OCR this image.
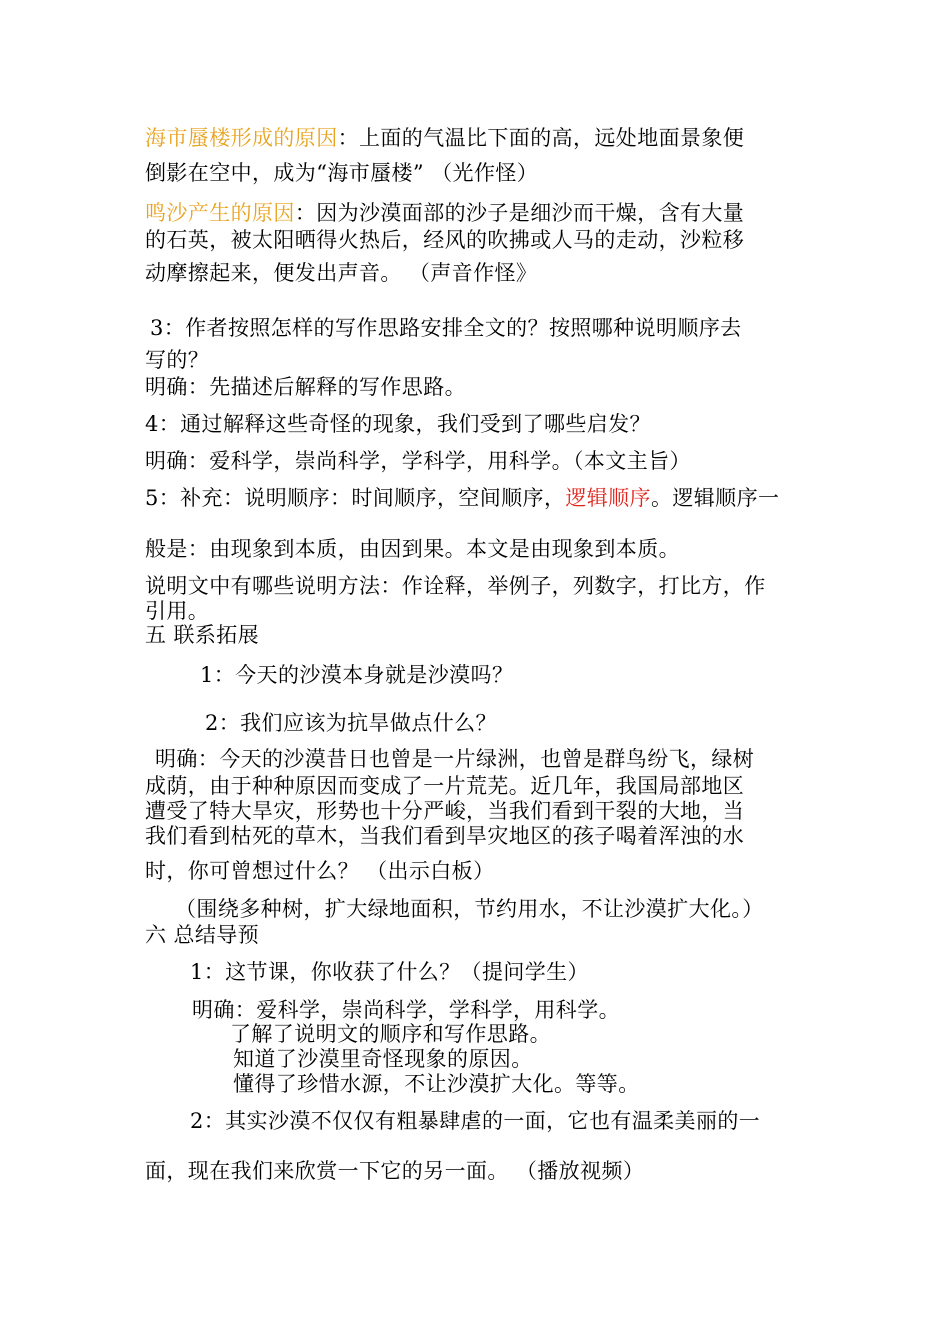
海市蜃楼形成的原因：上面的气温比下面的高，远处地面景象便
倒影在空中，成为“海市蜃楼” （光作怪）
鸣沙产生的原因：因为沙漠面部的沙子是细沙而干燥，含有大量
的石英，被太阳晒得火热后，经风的吹拂或人马的走动，沙粒移
动摩擦起来，便发出声音。 （声音作怪》
3：作者按照怎样的写作思路安排全文的？按照哪种说明顺序去
写的？
明确：先描述后解释的写作思路。
4：通过解释这些奇怪的现象，我们受到了哪些启发？
明确：爱科学，崇尚科学，学科学，用科学。（本文主旨）
5：补充：说明顺序：时间顺序，空间顺序，逻辑顺序。逻辑顺序一
般是：由现象到本质，由因到果。本文是由现象到本质。
说明文中有哪些说明方法：作诠释，举例子，列数字，打比方，作
引用。
五 联系拓展
1：今天的沙漠本身就是沙漠吗？
2：我们应该为抗旱做点什么？
明确：今天的沙漠昔日也曾是一片绿洲，也曾是群鸟纷飞，绿树
成荫，由于种种原因而变成了一片荒芜。近几年，我国局部地区
遭受了特大旱灾，形势也十分严峻，当我们看到干裂的大地，当
我们看到枯死的草木，当我们看到旱灾地区的孩子喝着浑浊的水
时，你可曾想过什么？ （出示白板）
（围绕多种树，扩大绿地面积，节约用水，不让沙漠扩大化。）
六 总结导预
1：这节课，你收获了什么？（提问学生）
明确：爱科学，崇尚科学，学科学，用科学。
了解了说明文的顺序和写作思路。
知道了沙漠里奇怪现象的原因。
懂得了珍惜水源，不让沙漠扩大化。等等。
2：其实沙漠不仅仅有粗暴肆虐的一面，它也有温柔美丽的一
面，现在我们来欣赏一下它的另一面。 （播放视频）
